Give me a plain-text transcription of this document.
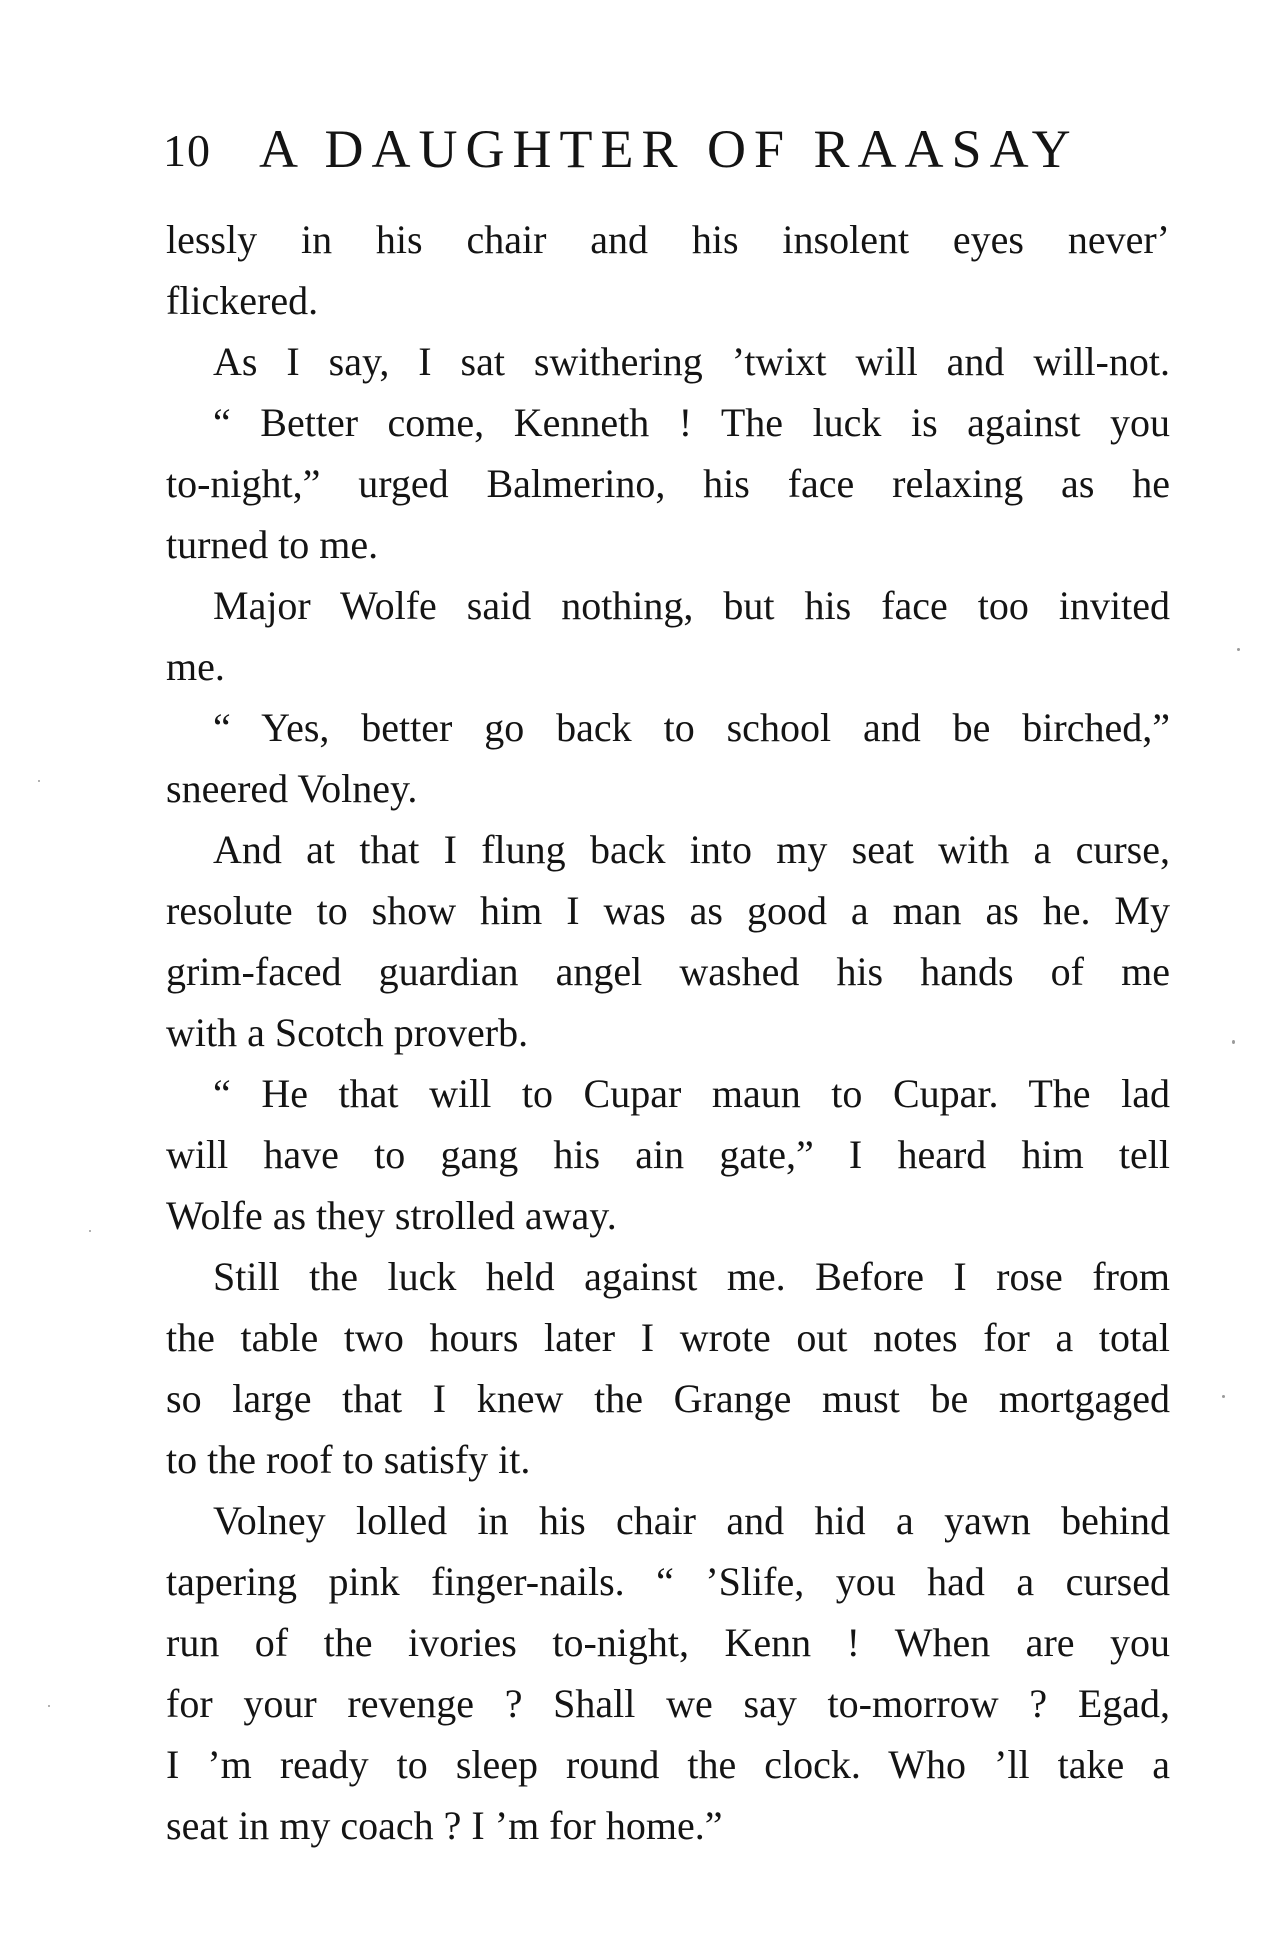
10 A DAUGHTER OF RAASAY
lessly in his chair and his insolent eyes neverʼ
flickered.
As I say, I sat swithering ’twixt will and will-not.
“ Better come, Kenneth ! The luck is against you
to-night,” urged Balmerino, his face relaxing as he
turned to me.
Major Wolfe said nothing, but his face too invited
me.
“ Yes, better go back to school and be birched,”
sneered Volney.
And at that I flung back into my seat with a curse,
resolute to show him I was as good a man as he. My
grim-faced guardian angel washed his hands of me
with a Scotch proverb.
“ He that will to Cupar maun to Cupar. The lad
will have to gang his ain gate,” I heard him tell
Wolfe as they strolled away.
Still the luck held against me. Before I rose from
the table two hours later I wrote out notes for a total
so large that I knew the Grange must be mortgaged
to the roof to satisfy it.
Volney lolled in his chair and hid a yawn behind
tapering pink finger-nails. “ ’Slife, you had a cursed
run of the ivories to-night, Kenn ! When are you
for your revenge ? Shall we say to-morrow ? Egad,
I ’m ready to sleep round the clock. Who ’ll take a
seat in my coach ? I ’m for home.”
